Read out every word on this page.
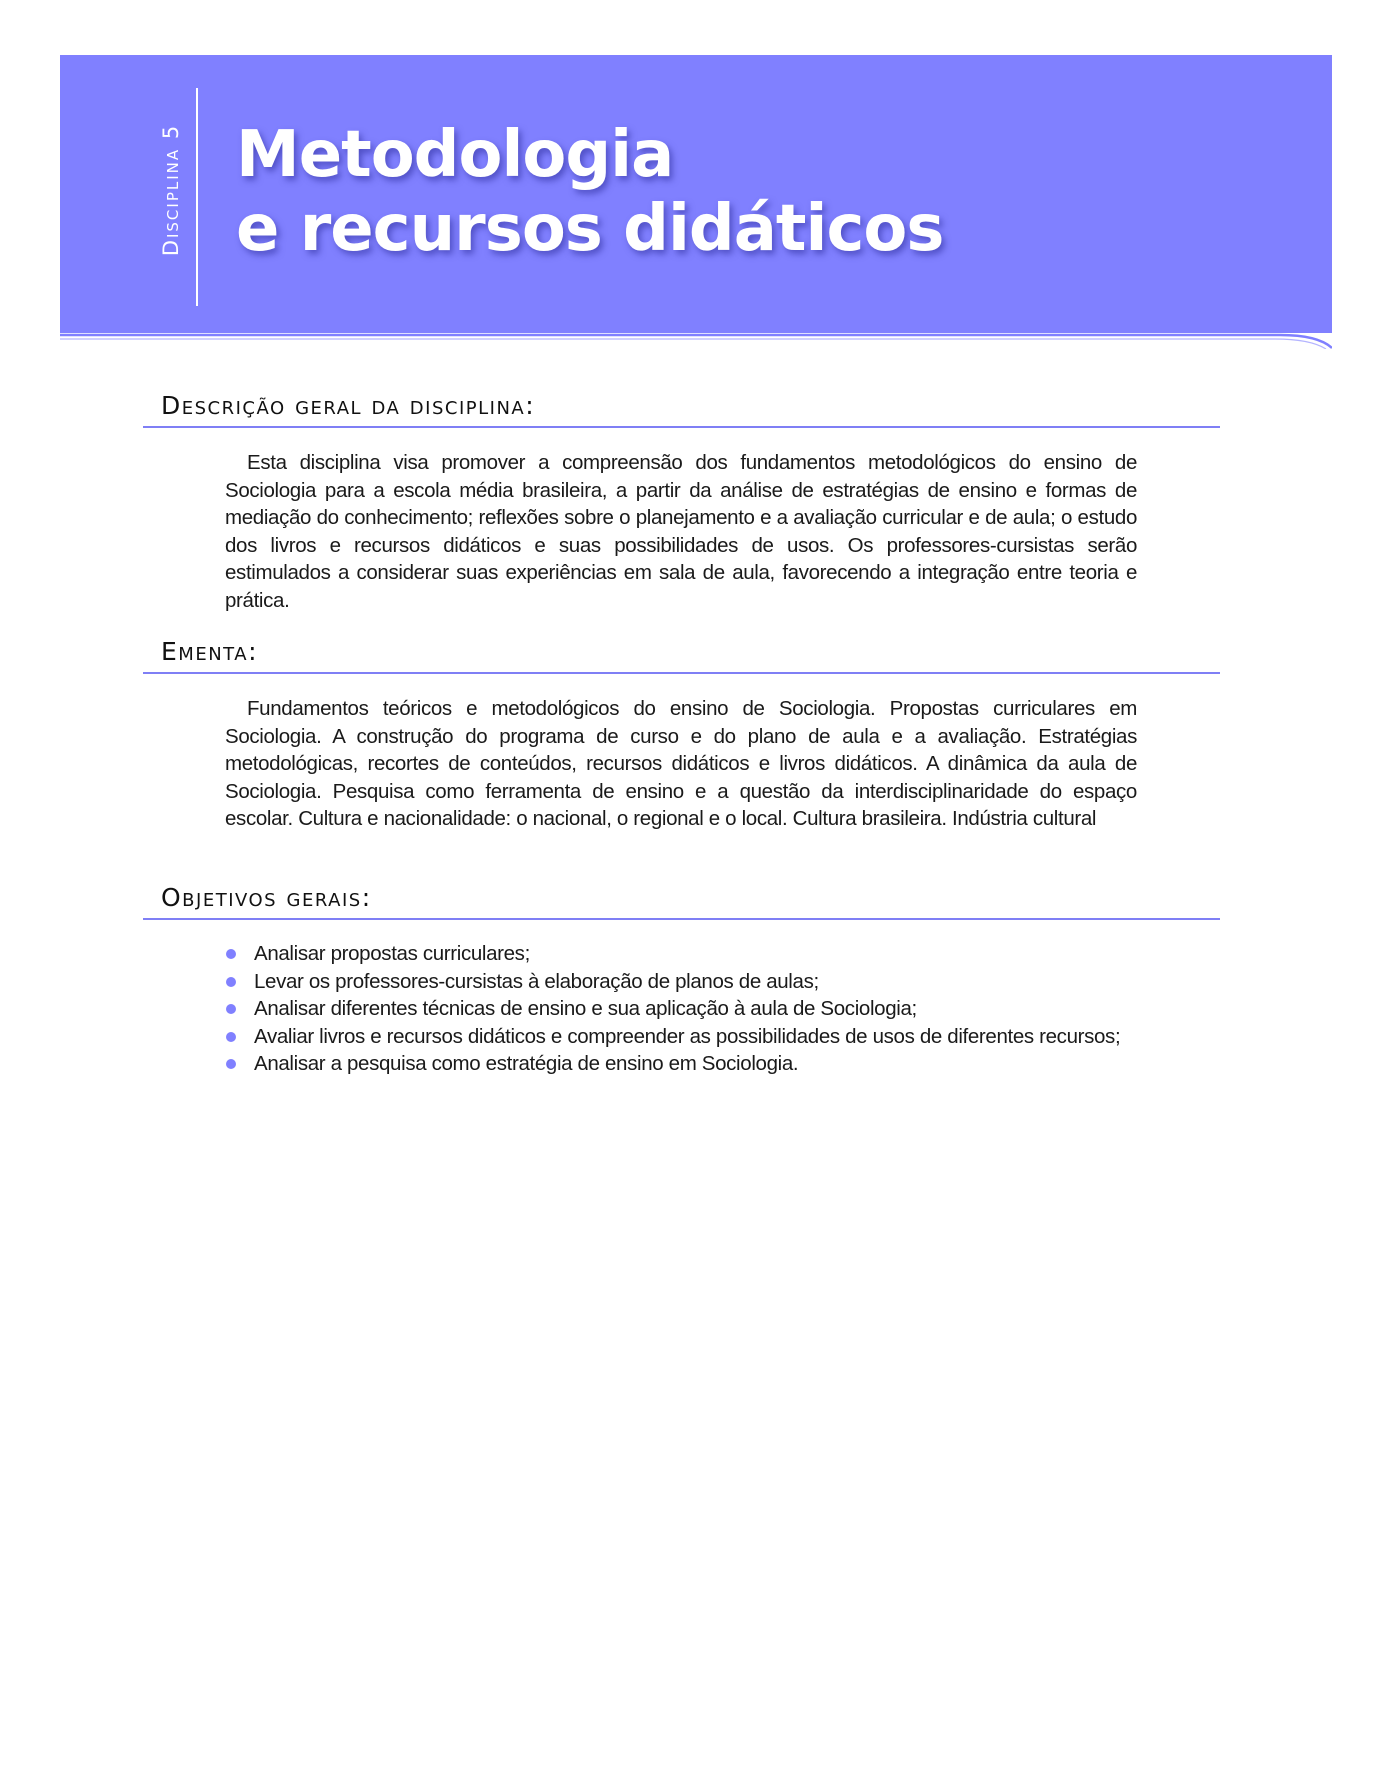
Disciplina 5 Metodologia
e recursos didáticos
Descrição geral da disciplina:

Esta disciplina visa promover a compreensão dos fundamentos metodológicos do ensino de Sociologia para a escola média brasileira, a partir da análise de estratégias de ensino e formas de mediação do conhecimento; reflexões sobre o planejamento e a avaliação curricular e de aula; o estudo dos livros e recursos didáticos e suas possibilidades de usos. Os professores-cursistas serão estimulados a considerar suas experiências em sala de aula, favorecendo a integração entre teoria e prática.

Ementa:

Fundamentos teóricos e metodológicos do ensino de Sociologia. Propostas curriculares em Sociologia. A construção do programa de curso e do plano de aula e a avaliação. Estratégias metodológicas, recortes de conteúdos, recursos didáticos e livros didáticos. A dinâmica da aula de Sociologia. Pesquisa como ferramenta de ensino e a questão da interdisciplinaridade do espaço escolar. Cultura e nacionalidade: o nacional, o regional e o local. Cultura brasileira. Indústria cultural

Objetivos gerais:
Analisar propostas curriculares;
Levar os professores-cursistas à elaboração de planos de aulas;
Analisar diferentes técnicas de ensino e sua aplicação à aula de Sociologia;
Avaliar livros e recursos didáticos e compreender as possibilidades de usos de diferentes recursos;
Analisar a pesquisa como estratégia de ensino em Sociologia.
